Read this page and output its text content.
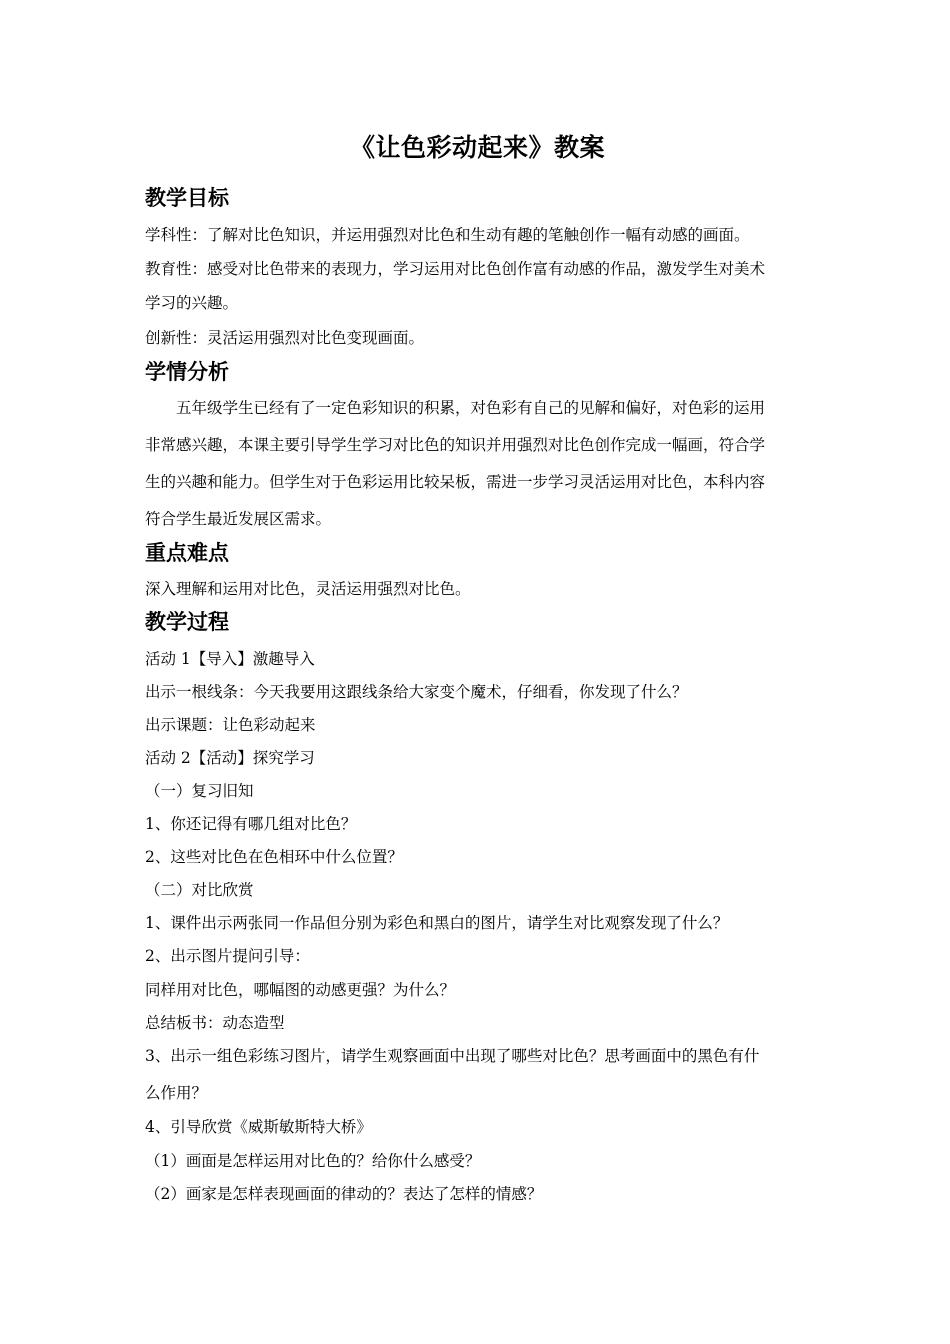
《让色彩动起来》教案
教学目标
学科性：了解对比色知识，并运用强烈对比色和生动有趣的笔触创作一幅有动感的画面。
教育性：感受对比色带来的表现力，学习运用对比色创作富有动感的作品，激发学生对美术
学习的兴趣。
创新性：灵活运用强烈对比色变现画面。
学情分析
五年级学生已经有了一定色彩知识的积累，对色彩有自己的见解和偏好，对色彩的运用
非常感兴趣，本课主要引导学生学习对比色的知识并用强烈对比色创作完成一幅画，符合学
生的兴趣和能力。但学生对于色彩运用比较呆板，需进一步学习灵活运用对比色，本科内容
符合学生最近发展区需求。
重点难点
深入理解和运用对比色，灵活运用强烈对比色。
教学过程
活动 1【导入】激趣导入
出示一根线条：今天我要用这跟线条给大家变个魔术，仔细看，你发现了什么？
出示课题：让色彩动起来
活动 2【活动】探究学习
（一）复习旧知
1、你还记得有哪几组对比色？
2、这些对比色在色相环中什么位置？
（二）对比欣赏
1、课件出示两张同一作品但分别为彩色和黑白的图片，请学生对比观察发现了什么？
2、出示图片提问引导：
同样用对比色，哪幅图的动感更强？为什么？
总结板书：动态造型
3、出示一组色彩练习图片，请学生观察画面中出现了哪些对比色？思考画面中的黑色有什
么作用？
4、引导欣赏《威斯敏斯特大桥》
（1）画面是怎样运用对比色的？给你什么感受？
（2）画家是怎样表现画面的律动的？表达了怎样的情感？
